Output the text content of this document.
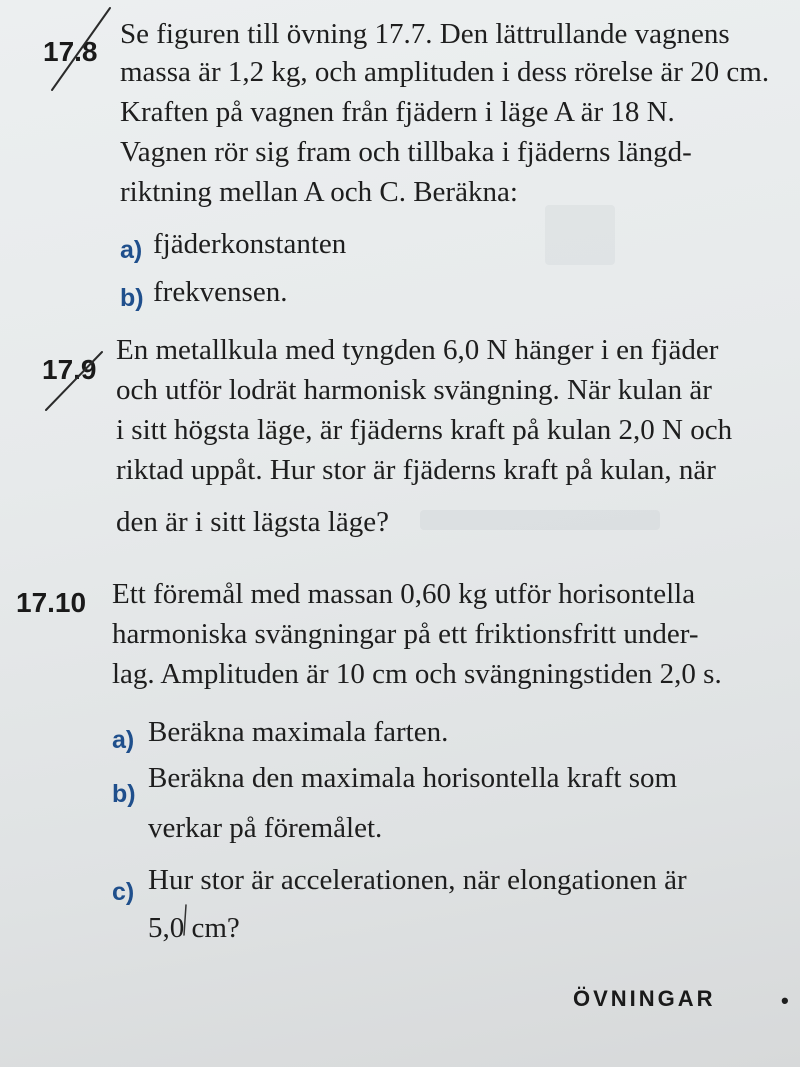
17.8
Se figuren till övning 17.7. Den lättrullande vagnens
massa är 1,2 kg, och amplituden i dess rörelse är 20 cm.
Kraften på vagnen från fjädern i läge A är 18 N.
Vagnen rör sig fram och tillbaka i fjäderns längd-
riktning mellan A och C. Beräkna:
a) fjäderkonstanten
b) frekvensen.
17.9
En metallkula med tyngden 6,0 N hänger i en fjäder
och utför lodrät harmonisk svängning. När kulan är
i sitt högsta läge, är fjäderns kraft på kulan 2,0 N och
riktad uppåt. Hur stor är fjäderns kraft på kulan, när
den är i sitt lägsta läge?
17.10 Ett föremål med massan 0,60 kg utför horisontella
harmoniska svängningar på ett friktionsfritt under-
lag. Amplituden är 10 cm och svängningstiden 2,0 s.
a) Beräkna maximala farten.
b) Beräkna den maximala horisontella kraft som
verkar på föremålet.
c) Hur stor är accelerationen, när elongationen är
5,0 cm?
ÖVNINGAR	•
